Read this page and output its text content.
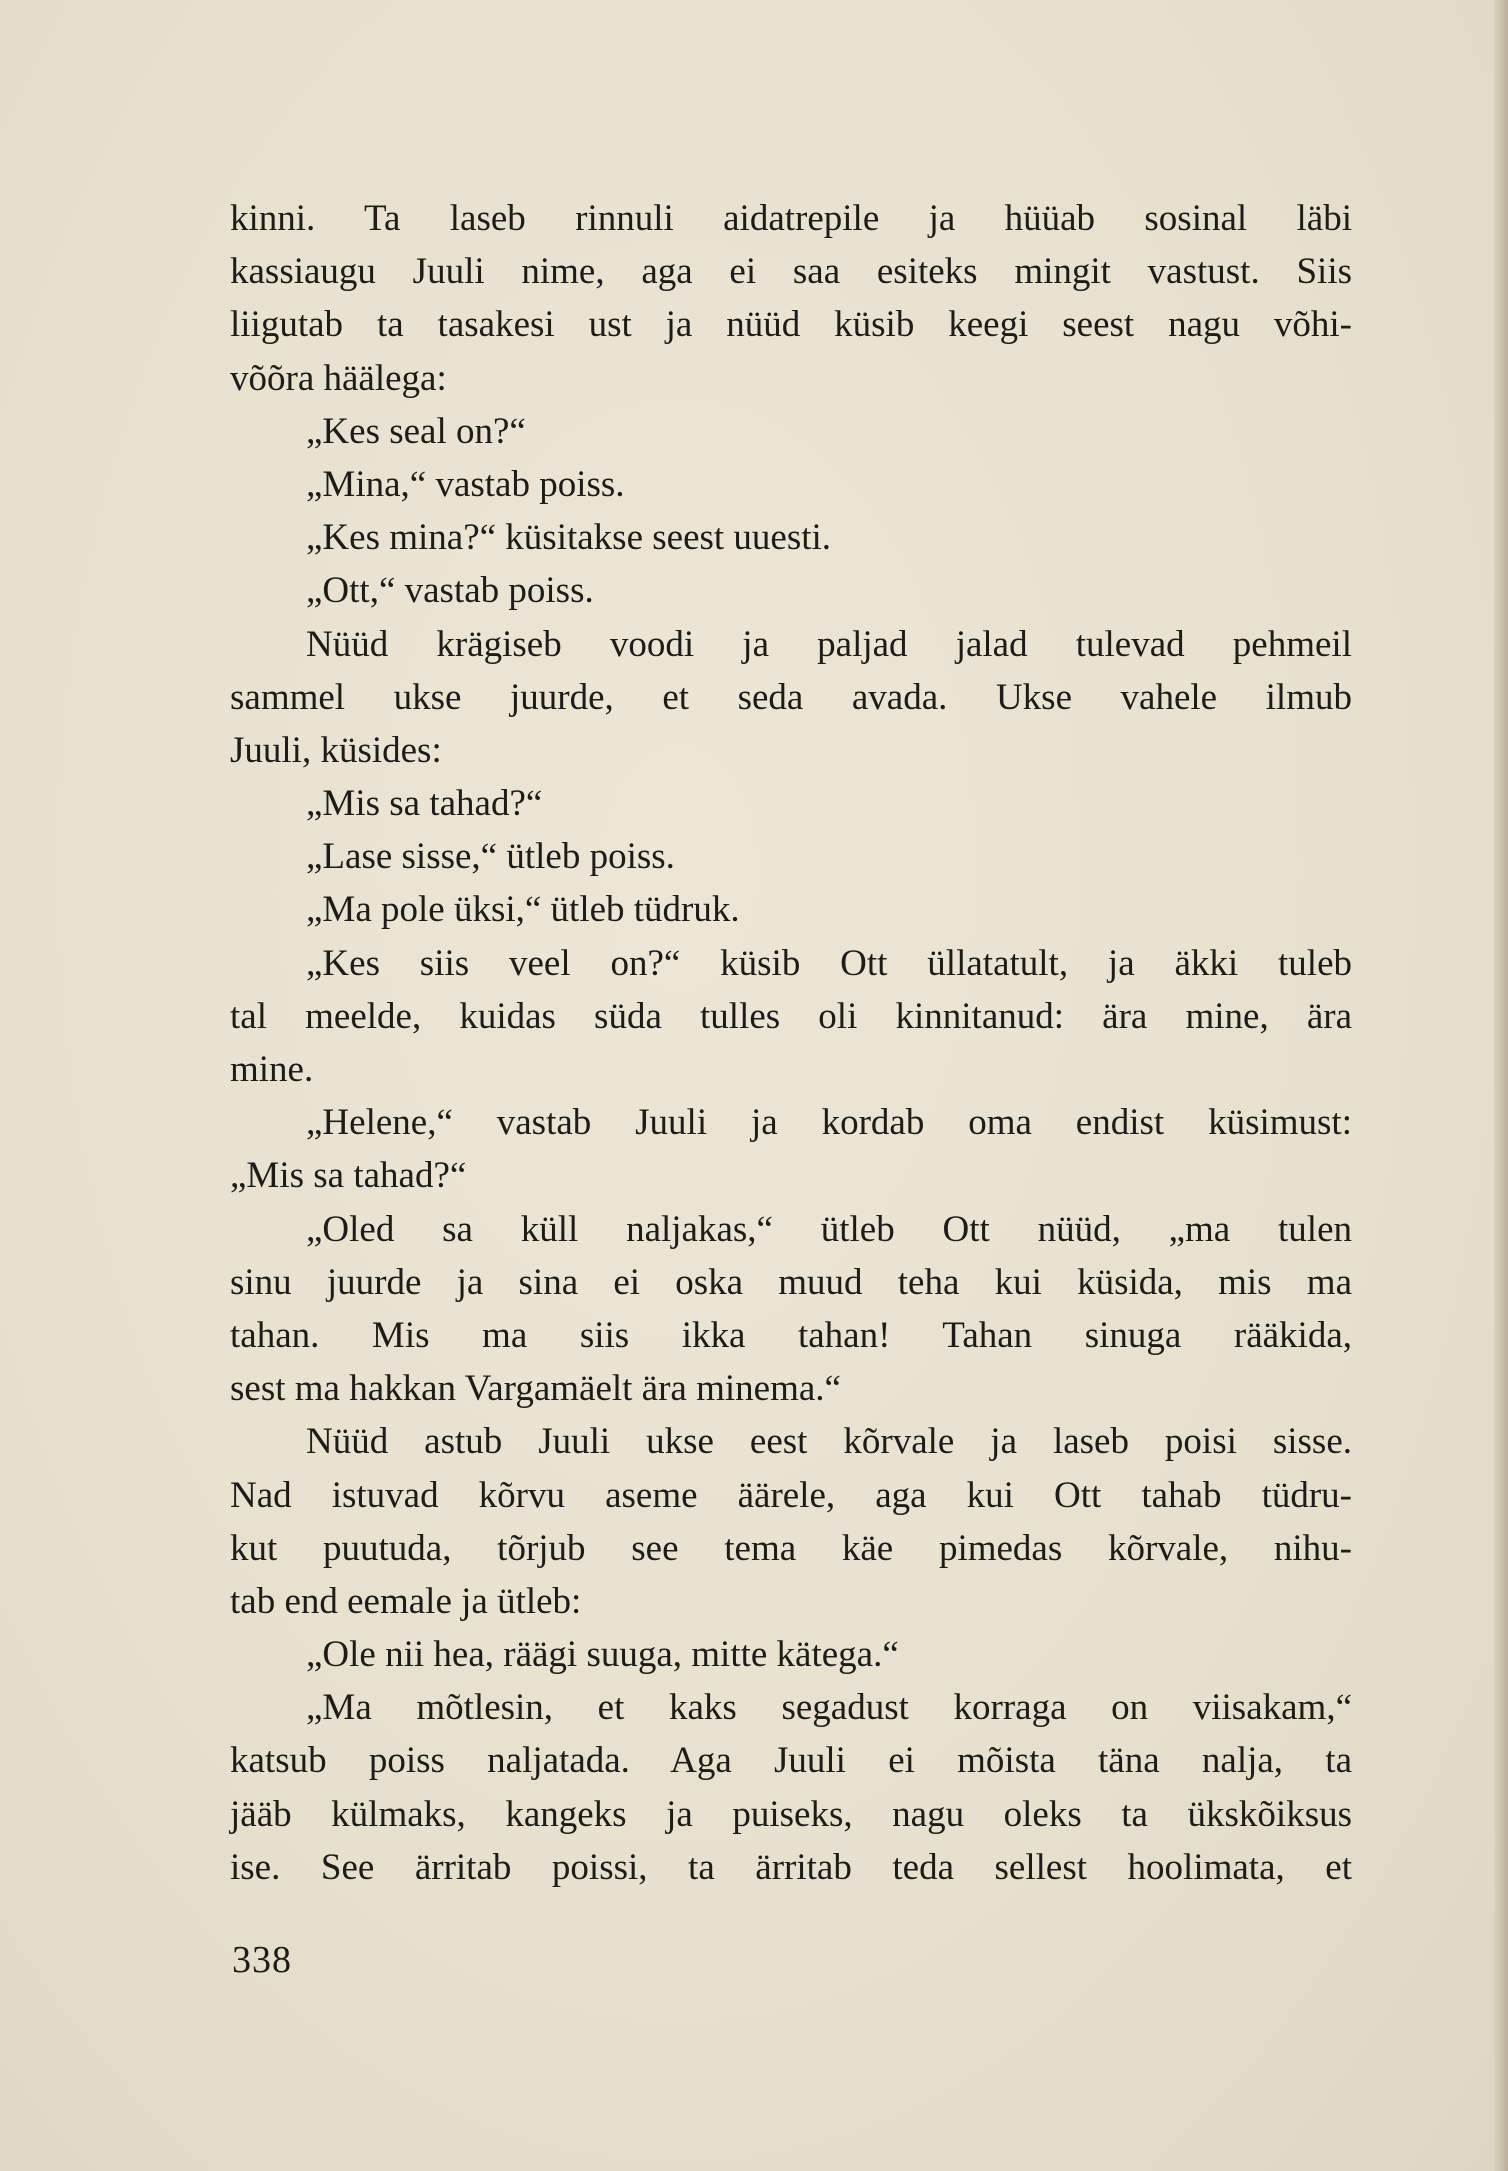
kinni. Ta laseb rinnuli aidatrepile ja hüüab sosinal läbi
kassiaugu Juuli nime, aga ei saa esiteks mingit vastust. Siis
liigutab ta tasakesi ust ja nüüd küsib keegi seest nagu võhi-
võõra häälega:
„Kes seal on?“
„Mina,“ vastab poiss.
„Kes mina?“ küsitakse seest uuesti.
„Ott,“ vastab poiss.
Nüüd krägiseb voodi ja paljad jalad tulevad pehmeil
sammel ukse juurde, et seda avada. Ukse vahele ilmub
Juuli, küsides:
„Mis sa tahad?“
„Lase sisse,“ ütleb poiss.
„Ma pole üksi,“ ütleb tüdruk.
„Kes siis veel on?“ küsib Ott üllatatult, ja äkki tuleb
tal meelde, kuidas süda tulles oli kinnitanud: ära mine, ära
mine.
„Helene,“ vastab Juuli ja kordab oma endist küsimust:
„Mis sa tahad?“
„Oled sa küll naljakas,“ ütleb Ott nüüd, „ma tulen
sinu juurde ja sina ei oska muud teha kui küsida, mis ma
tahan. Mis ma siis ikka tahan! Tahan sinuga rääkida,
sest ma hakkan Vargamäelt ära minema.“
Nüüd astub Juuli ukse eest kõrvale ja laseb poisi sisse.
Nad istuvad kõrvu aseme äärele, aga kui Ott tahab tüdru-
kut puutuda, tõrjub see tema käe pimedas kõrvale, nihu-
tab end eemale ja ütleb:
„Ole nii hea, räägi suuga, mitte kätega.“
„Ma mõtlesin, et kaks segadust korraga on viisakam,“
katsub poiss naljatada. Aga Juuli ei mõista täna nalja, ta
jääb külmaks, kangeks ja puiseks, nagu oleks ta ükskõiksus
ise. See ärritab poissi, ta ärritab teda sellest hoolimata, et
338
